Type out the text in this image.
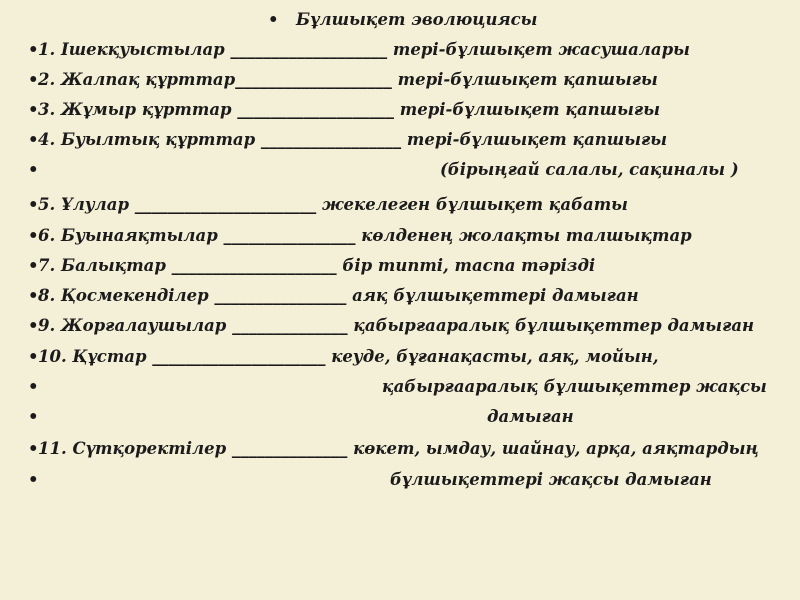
• Бұлшықет эволюциясы
• 1. Ішекқуыстылар ___________________ тері-бұлшықет жасушалары
• 2. Жалпақ құрттар___________________ тері-бұлшықет қапшығы
• 3. Жұмыр құрттар ___________________ тері-бұлшықет қапшығы
• 4. Буылтық құрттар _________________ тері-бұлшықет қапшығы
•	(бірыңғай салалы, сақиналы )
• 5. Ұлулар ______________________ жекелеген бұлшықет қабаты
• 6. Буынаяқтылар ________________ көлденең жолақты талшықтар
• 7. Балықтар ____________________ бір типті, таспа тәрізді
• 8. Қосмекенділер ________________ аяқ бұлшықеттері дамыған
• 9. Жорғалаушылар ______________ қабырғааралық бұлшықеттер дамыған
• 10. Құстар _____________________ кеуде, бұғанақасты, аяқ, мойын,
•	қабырғааралық бұлшықеттер жақсы
•	дамыған
• 11. Сүтқоректілер ______________ көкет, ымдау, шайнау, арқа, аяқтардың
•	бұлшықеттері жақсы дамыған
